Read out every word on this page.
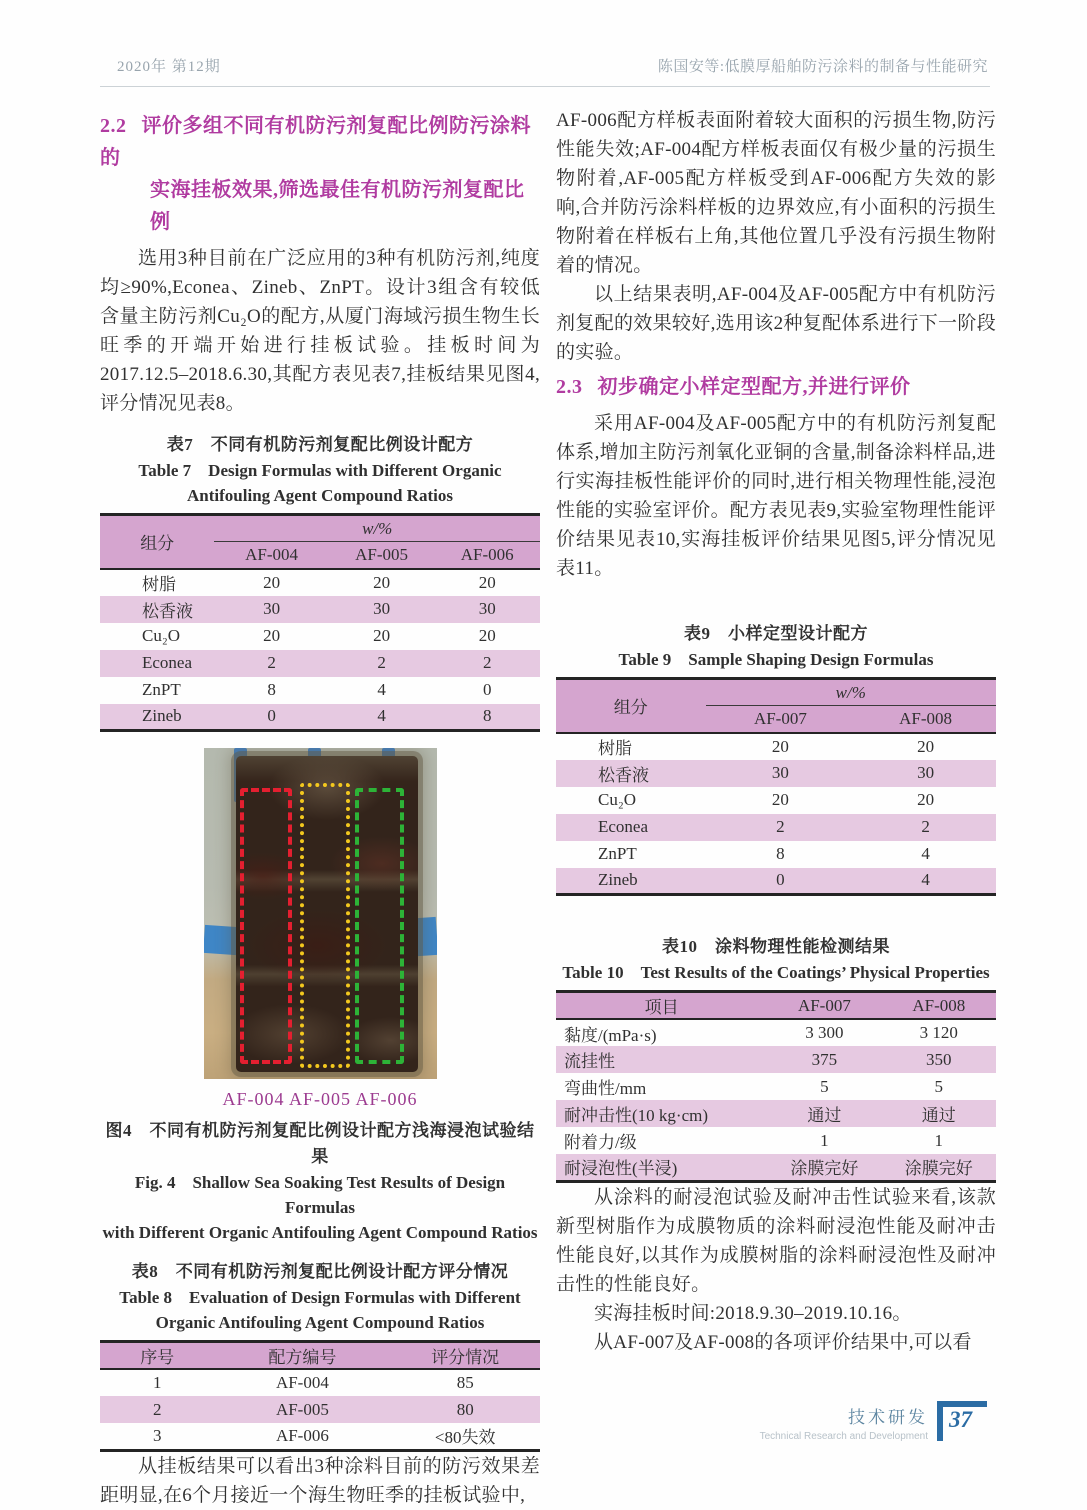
2020年 第12期	陈国安等:低膜厚船舶防污涂料的制备与性能研究
2.2 评价多组不同有机防污剂复配比例防污涂料的
实海挂板效果,筛选最佳有机防污剂复配比例

选用3种目前在广泛应用的3种有机防污剂,纯度均≥90%,Econea、Zineb、ZnPT。设计3组含有较低含量主防污剂Cu₂O的配方,从厦门海域污损生物生长旺季的开端开始进行挂板试验。挂板时间为2017.12.5–2018.6.30,其配方表见表7,挂板结果见图4,评分情况见表8。

表7　不同有机防污剂复配比例设计配方
Table 7　Design Formulas with Different Organic
Antifouling Agent Compound Ratios
组分	w/%		
	AF-004	AF-005	AF-006
树脂	20	20	20
松香液	30	30	30
Cu₂O	20	20	20
Econea	2	2	2
ZnPT	8	4	0
Zineb	0	4	8
AF-004 AF-005 AF-006
图4　不同有机防污剂复配比例设计配方浅海浸泡试验结果
Fig. 4　Shallow Sea Soaking Test Results of Design Formulas
with Different Organic Antifouling Agent Compound Ratios
表8　不同有机防污剂复配比例设计配方评分情况
Table 8　Evaluation of Design Formulas with Different
Organic Antifouling Agent Compound Ratios
序号	配方编号	评分情况
1	AF-004	85
2	AF-005	80
3	AF-006	<80失效

从挂板结果可以看出3种涂料目前的防污效果差距明显,在6个月接近一个海生物旺季的挂板试验中,

AF-006配方样板表面附着较大面积的污损生物,防污性能失效;AF-004配方样板表面仅有极少量的污损生物附着,AF-005配方样板受到AF-006配方失效的影响,合并防污涂料样板的边界效应,有小面积的污损生物附着在样板右上角,其他位置几乎没有污损生物附着的情况。

以上结果表明,AF-004及AF-005配方中有机防污剂复配的效果较好,选用该2种复配体系进行下一阶段的实验。

2.3 初步确定小样定型配方,并进行评价

采用AF-004及AF-005配方中的有机防污剂复配体系,增加主防污剂氧化亚铜的含量,制备涂料样品,进行实海挂板性能评价的同时,进行相关物理性能,浸泡性能的实验室评价。配方表见表9,实验室物理性能评价结果见表10,实海挂板评价结果见图5,评分情况见表11。

表9　小样定型设计配方
Table 9　Sample Shaping Design Formulas
组分	w/%	
	AF-007	AF-008
树脂	20	20
松香液	30	30
Cu₂O	20	20
Econea	2	2
ZnPT	8	4
Zineb	0	4
表10　涂料物理性能检测结果
Table 10　Test Results of the Coatings’ Physical Properties
项目	AF-007	AF-008
黏度/(mPa·s)	3 300	3 120
流挂性	375	350
弯曲性/mm	5	5
耐冲击性(10 kg·cm)	通过	通过
附着力/级	1	1
耐浸泡性(半浸)	涂膜完好	涂膜完好

从涂料的耐浸泡试验及耐冲击性试验来看,该款新型树脂作为成膜物质的涂料耐浸泡性能及耐冲击性能良好,以其作为成膜树脂的涂料耐浸泡性及耐冲击性的性能良好。

实海挂板时间:2018.9.30–2019.10.16。

从AF-007及AF-008的各项评价结果中,可以看

技术研发
Technical Research and Development
37
